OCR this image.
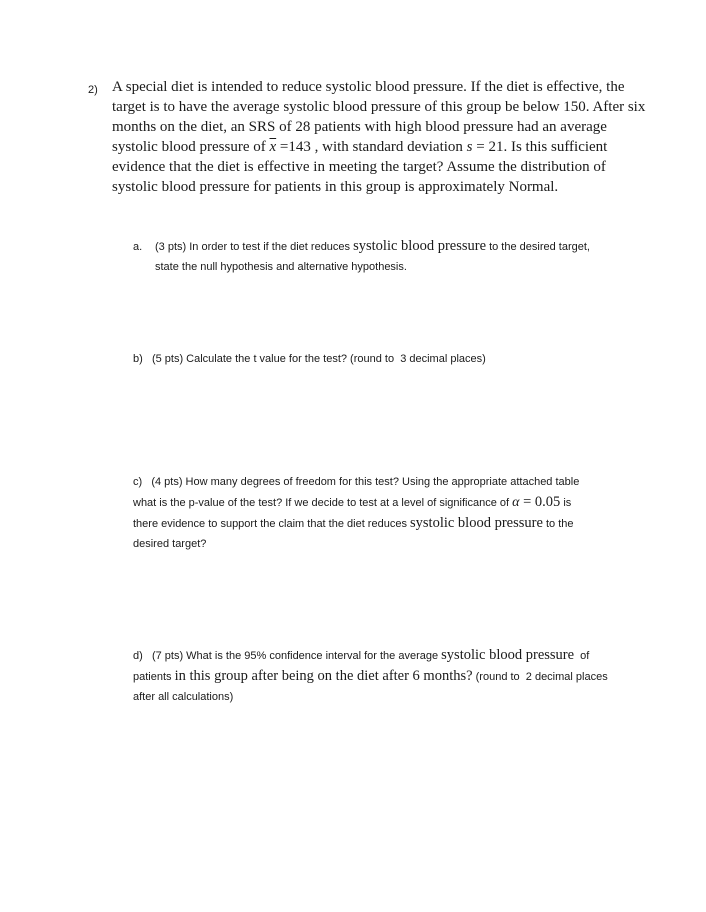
2) A special diet is intended to reduce systolic blood pressure. If the diet is effective, the
target is to have the average systolic blood pressure of this group be below 150. After six
months on the diet, an SRS of 28 patients with high blood pressure had an average
systolic blood pressure of $\overline{x} =143$ , with standard deviation s = 21. Is this sufficient
evidence that the diet is effective in meeting the target? Assume the distribution of
systolic blood pressure for patients in this group is approximately Normal.
a. (3 pts) In order to test if the diet reduces systolic blood pressure to the desired target,
state the null hypothesis and alternative hypothesis.
b)   (5 pts) Calculate the t value for the test? (round to  3 decimal places)
c)   (4 pts) How many degrees of freedom for this test? Using the appropriate attached table
what is the p-value of the test? If we decide to test at a level of significance of α = 0.05 is
there evidence to support the claim that the diet reduces systolic blood pressure to the
desired target?
d)   (7 pts) What is the 95% confidence interval for the average systolic blood pressure  of
patients in this group after being on the diet after 6 months? (round to  2 decimal places
after all calculations)
